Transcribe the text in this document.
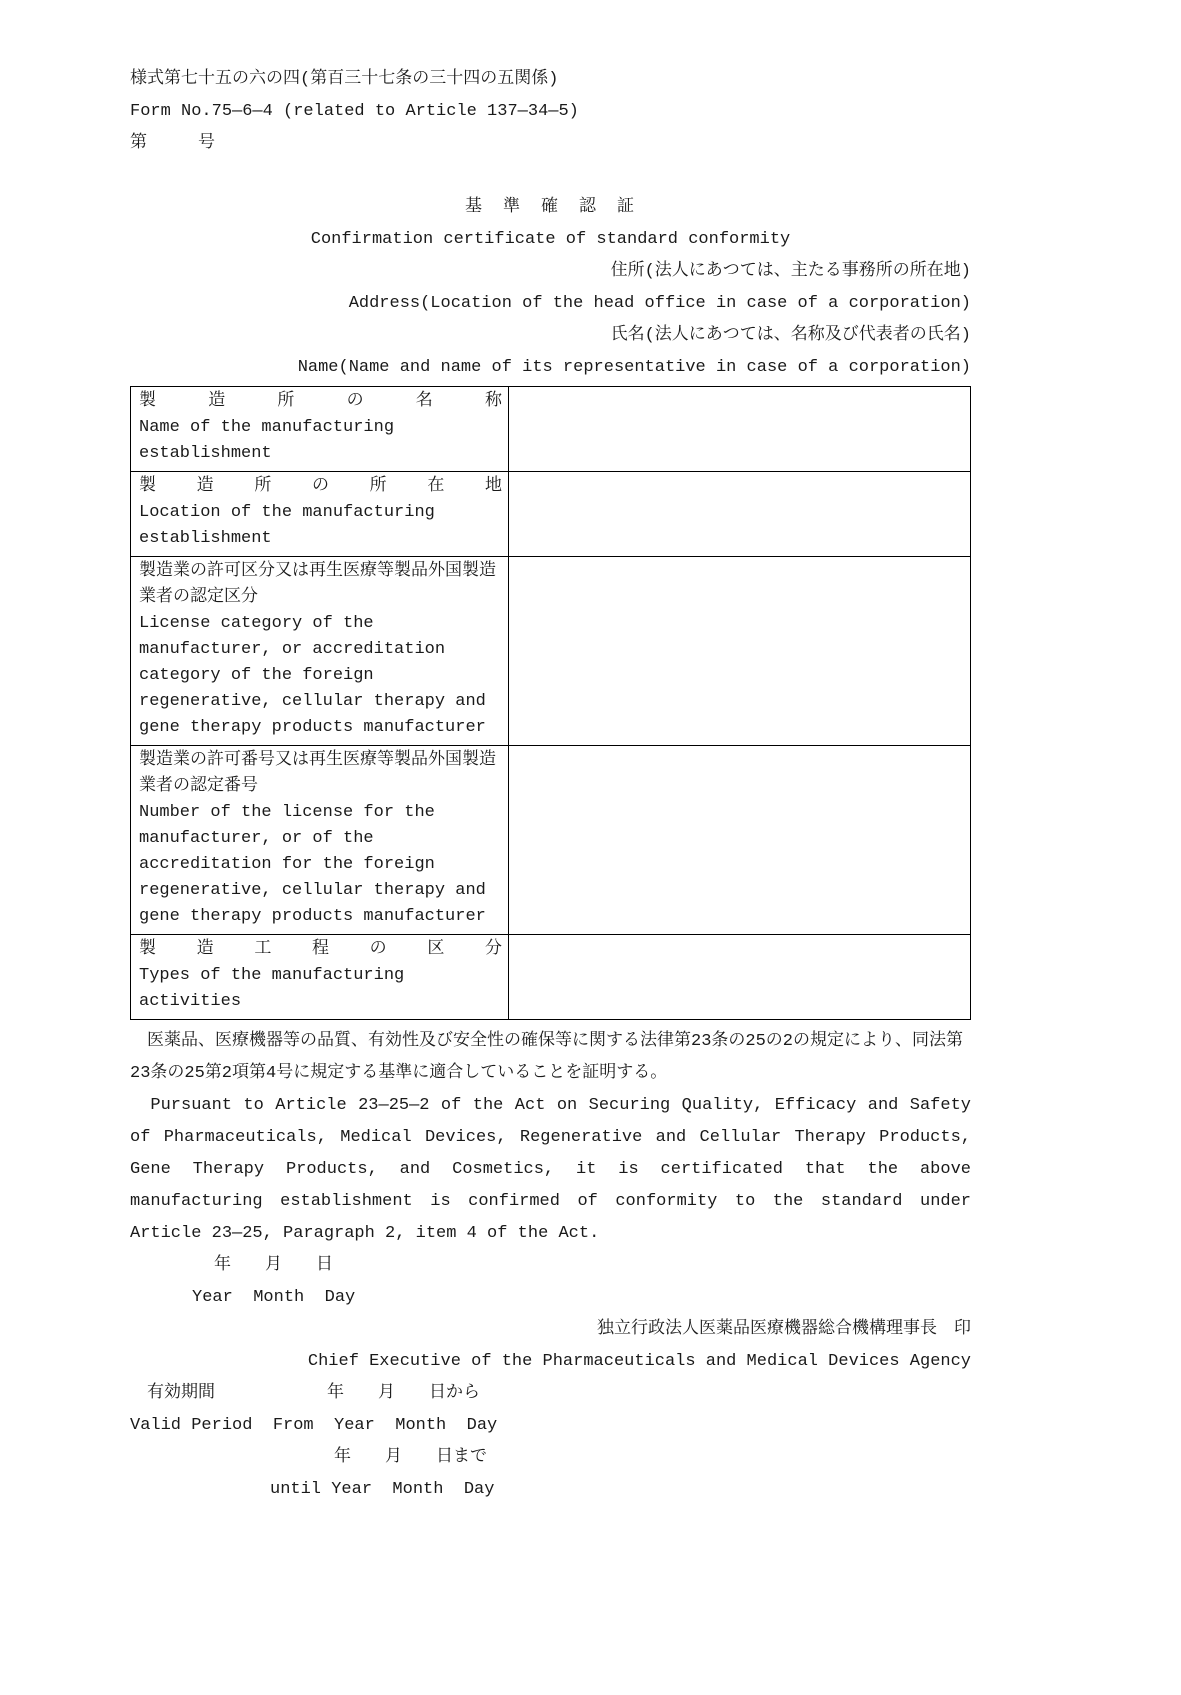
様式第七十五の六の四(第百三十七条の三十四の五関係)
Form No.75—6—4 (related to Article 137—34—5)
第　　　号
基　準　確　認　証
Confirmation certificate of standard conformity
住所(法人にあつては、主たる事務所の所在地)
Address(Location of the head office in case of a corporation)
氏名(法人にあつては、名称及び代表者の氏名)
Name(Name and name of its representative in case of a corporation)
製　造　所　の　名　称
Name of the manufacturing establishment	

製　造　所　の　所　在　地
Location of the manufacturing establishment	

製造業の許可区分又は再生医療等製品外国製造業者の認定区分
License category of the manufacturer, or accreditation category of the foreign regenerative, cellular therapy and gene therapy products manufacturer	

製造業の許可番号又は再生医療等製品外国製造業者の認定番号
Number of the license for the manufacturer, or of the accreditation for the foreign regenerative, cellular therapy and gene therapy products manufacturer	

製　造　工　程　の　区　分
Types of the manufacturing activities	

医薬品、医療機器等の品質、有効性及び安全性の確保等に関する法律第23条の25の2の規定により、同法第23条の25第2項第4号に規定する基準に適合していることを証明する。

Pursuant to Article 23—25—2 of the Act on Securing Quality, Efficacy and Safety of Pharmaceuticals, Medical Devices, Regenerative and Cellular Therapy Products, Gene Therapy Products, and Cosmetics, it is certificated that the above manufacturing establishment is confirmed of conformity to the standard under Article 23—25, Paragraph 2, item 4 of the Act.

年　　月　　日
Year  Month  Day
独立行政法人医薬品医療機器総合機構理事長　印
Chief Executive of the Pharmaceuticals and Medical Devices Agency
有効期間	年　　月　　日から
Valid Period  From  Year  Month  Day
年　　月　　日まで
until Year  Month  Day
